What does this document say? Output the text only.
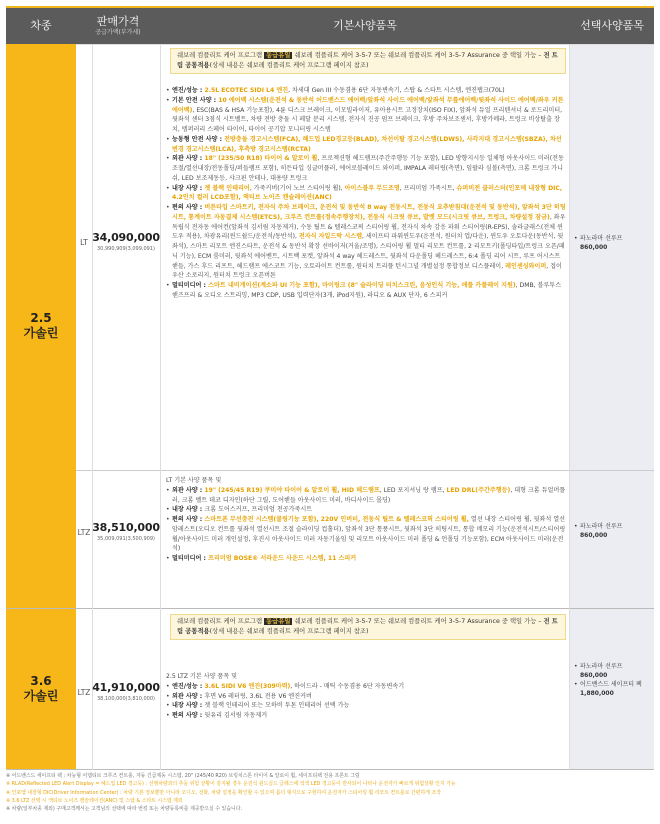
차종	판매가격
공급가액(부가세)
기본사양품목	선택사양품목
2.5
가솔린
3.6
가솔린
LT 34,090,000
30,990,909(3,099,091)
• 파노라마 선루프
860,000
쉐보레 컴플리트 케어 프로그램 동급유일 쉐보레 컴플리트 케어 3-5-7 또는 쉐보레 컴플리트 케어 3-5-7 Assurance 중 택일 가능 – 전 트림 공통적용(상세 내용은 쉐보레 컴플리트 케어 프로그램 페이지 참조)
• 엔진/성능 : 2.5L ECOTEC SIDI L4 엔진, 차세대 Gen III 수동겸용 6단 자동변속기, 스탑 & 스타트 시스템, 엔진탭크(70L)
• 기본 안전 사양 : 10 에어백 시스템(운전석 & 동반석 어드밴스드 에어백/앞좌석 사이드 에어백/앞좌석 무릎에어백/뒷좌석 사이드 에어백/좌우 커튼 에어백), ESC(BAS & HSA 기능포함), 4륜 디스크 브레이크, 이모빌라이저, 유아용시트 고정장치(ISO FIX), 앞좌석 듀얼 프리텐셔너 & 로드리미터, 뒷좌석 센터 3점식 시트벨트, 차량 전방 충돌 시 페달 분리 시스템, 전자식 진공 펌프 브레이크, 후방 주차보조센서, 후방카메라, 트렁크 비상탈출 장치, 템퍼러리 스페어 타이어, 타이어 공기압 모니터링 시스템
• 능동형 안전 사양 : 전방충돌 경고시스템(FCA), 헤드업 LED경고등(BLAD), 차선이탈 경고시스템(LDWS), 사각지대 경고시스템(SBZA), 차선변경 경고시스템(LCA), 후측방 경고시스템(RCTA)
• 외관 사양 : 18" (235/50 R18) 타이어 & 알로이 휠, 프로젝션형 헤드램프(주간주행등 기능 포함), LED 방향지시등 일체형 아웃사이드 미러(전동조절/열선내장/전동폴딩/퍼들램프 포함), 히든타입 싱글머플러, 에어로블레이드 와이퍼, IMPALA 레터링(측면), 임팔라 심볼(측면), 크롬 트렁크 가니쉬, LED 보조제동등, 샤크핀 안테나, 대용량 트렁크
• 내장 사양 : 젯 블랙 인테리어, 가죽커버(기어 노브 스티어링 휠), 아이스블루 무드조명, 프리미엄 가죽시트, 슈퍼비전 클러스터(인포매 내장형 DIC, 4.2인치 컬러 LCD포함), 액티브 노이즈 캔슬레이션(ANC)
• 편의 사양 : 버튼타입 스마트키, 전자식 주차 브레이크, 운전석 및 동반석 8 way 전동시트, 전동식 요추받침대(운전석 및 동반석), 앞좌석 3단 히팅시트, 통계이트 자동결제 시스템(ETCS), 크루즈 컨트롤(정속주행장치), 전동식 시크릿 큐브, 발렛 모드(시크릿 큐브, 트렁크, 차량설정 잠금), 좌우독립식 전자동 에어컨(앞좌석 김서림 자동제거), 수동 틸트 & 텔레스코픽 스티어링 휠, 전자식 차속 감응 파워 스티어링(R-EPS), 솔라글래스(전체 윈도우 적용), 차광유리(윈드쉴드/운전석/동반석), 전자식 자일드락 시스템, 세이프티 파워윈도우(운전석, 원터치 업/다운), 윈도우 오토다운(동반석, 뒷좌석), 스마트 리모트 엔진스타트, 운전석 & 동반석 확장 선바이저(거울/조명), 스티어링 휠 멀티 리모트 컨트롤, 2 리모트키(폴딩타입/트렁크 오픈/패닉 기능), ECM 룸미러, 뒷좌석 에어벤트, 시트백 포켓, 앞좌석 4 way 헤드레스트, 뒷좌석 다운폴딩 헤드레스트, 6:4 폴딩 리어 시트, 루프 어시스트 핸들, 가스 후드 리프트, 헤드램프 에스코트 기능, 오토라이트 컨트롤, 원터치 트리플 턴시그널 개별설정 통합정보 디스플레이, 레인센싱와이퍼, 접이우산 소로리지, 원터치 트렁크 오픈버튼
• 멀티미디어 : 스마트 내비게이션(계소파 UI 기능 포함), 마이링크 (8" 슬라이딩 터치스크린, 음성인식 기능, 애플 카플레이 지원), DMB, 블루투스 핸즈프리 & 오디오 스트리밍, MP3 CDP, USB 입력단자(3개, iPod지원), 라디오 & AUX 단자, 6 스피커
LTZ 38,510,000
35,009,091(3,500,909)
• 파노라마 선루프
860,000
LT 기본 사양 품목 및
• 외관 사양 : 19" (245/45 R19) 쿠미야 타이어 & 알로이 휠, HID 헤드램프, LED 포지셔닝 랑 램프, LED DRL(주간주행등), 대형 크롬 듀얼머플러, 크롬 벨트 데코 디자인(하단 그릴, 도어핸들 아웃사이드 미러, 바디사이드 몰딩)
• 내장 사양 : 크롬 도어스커프, 프리미엄 천공가죽시트
• 편의 사양 : 스마트폰 무선충전 시스템(쿨링기능 포함), 220V 인버터, 전동식 틸트 & 텔레스코픽 스티어링 휠, 열선 내장 스티어링 휠, 뒷좌석 열선 암레스트(오디오 컨트롤 뒷좌석 열선시트 조절 슬라이딩 컵홀더), 앞좌석 3단 통풍시트, 뒷좌석 3단 히팅시트, 통합 메모리 기능(운전석시트/스티어링휠/아웃사이드 미러 개인설정, 후진시 아웃사이드 미러 자동기울임 및 리모트 아웃사이드 미러 폴딩 & 언폴딩 기능포함), ECM 아웃사이드 미러(운전석)
• 멀티미디어 : 프리미엄 BOSE® 서라운드 사운드 시스템, 11 스피커
쉐보레 컴플리트 케어 프로그램 동급유일 쉐보레 컴플리트 케어 3-5-7 또는 쉐보레 컴플리트 케어 3-5-7 Assurance 중 택일 가능 – 전 트림 공통적용(상세 내용은 쉐보레 컴플리트 케어 프로그램 페이지 참조)
LTZ 41,910,000
38,100,000(3,810,000)
• 파노라마 선루프
860,000
• 어드밴스드 세이프티 팩
1,880,000
2.5 LTZ 기본 사양 품목 및
• 엔진/성능 : 3.6L SIDI V6 엔진(309마력), 하이드라 - 매틱 수동겸용 6단 자동변속기
• 외관 사양 : 후면 V6 레터링, 3.6L 전용 V6 엔진커버
• 내장 사양 : 젯 블랙 인테리어 또는 모하비 투톤 인테리어 선택 가능
• 편의 사양 : 뒷유리 김서림 자동제거
※ 어드밴스드 세이프티 팩 : 차능형 어댑티브 크루즈 컨트롤, 자동 긴급제동 시스템, 20" (245/40 R20) 브링치스톤 타이어 & 알로이 휠, 세이프티팩 전용 프론트 그릴
※ RLAD(Reflected LED Alert Display = 헤드업 LED 경고등) : 선행차량과의 추돌 위험 상황이 감지될 경우 운전석 윈드실드 글래스에 적색 LED 경고등이 반사되어 나타나 운전자가 빠르게 위험상황 인지 가능
※ 인포맵 내장형 DIC(Driver Information Center) : 차량 기본 정보뿐만 아니라 오디오, 전화, 차량 설정을 확인할 수 있으며 몸더 형식으로 구현하여 운전자가 스티어링 휠 리모트 컨트롤로 간편하게 조작
※ 3.6 LTZ 선택 시 액티브 노이즈 캔슬레이션(ANC) 및 스탑 & 스타트 시스템 제외
※ 차량(일부차종 제외) 구매고객께서는 고객님의 선택에 따라 번킹 또는 차량등록비를 제공받으실 수 있습니다.
